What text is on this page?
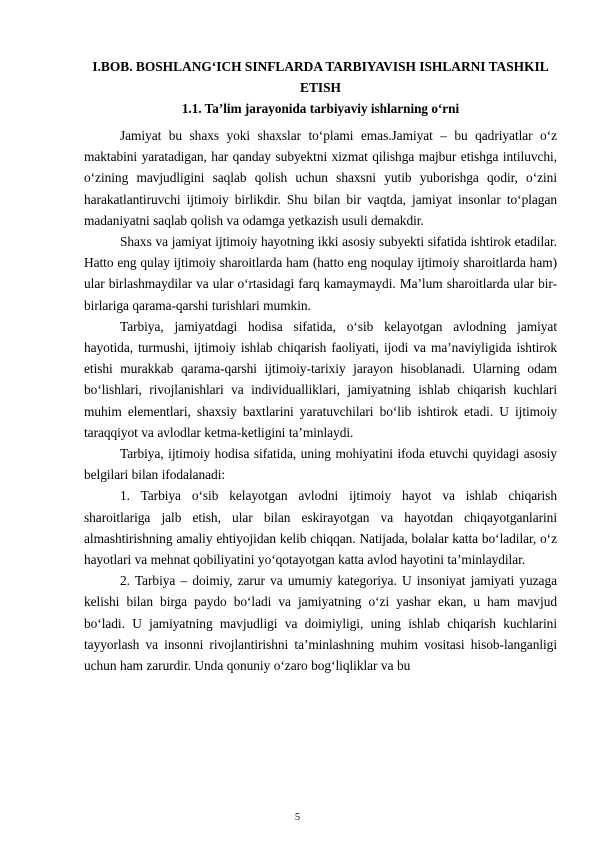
I.BOB. BOSHLANG‘ICH SINFLARDA TARBIYAVISH ISHLARNI TASHKIL ETISH
1.1. Ta’lim jarayonida tarbiyaviy ishlarning o‘rni

Jamiyat bu shaxs yoki shaxslar to‘plami emas.Jamiyat – bu qadriyatlar o‘z maktabini yaratadigan, har qanday subyektni xizmat qilishga majbur etishga intiluvchi, o‘zining mavjudligini saqlab qolish uchun shaxsni yutib yuborishga qodir, o‘zini harakatlantiruvchi ijtimoiy birlikdir. Shu bilan bir vaqtda, jamiyat insonlar to‘plagan madaniyatni saqlab qolish va odamga yetkazish usuli demakdir.

Shaxs va jamiyat ijtimoiy hayotning ikki asosiy subyekti sifatida ishtirok etadilar. Hatto eng qulay ijtimoiy sharoitlarda ham (hatto eng noqulay ijtimoiy sharoitlarda ham) ular birlashmaydilar va ular o‘rtasidagi farq kamaymaydi. Ma’lum sharoitlarda ular bir-birlariga qarama-qarshi turishlari mumkin.

Tarbiya, jamiyatdagi hodisa sifatida, o‘sib kelayotgan avlodning jamiyat hayotida, turmushi, ijtimoiy ishlab chiqarish faoliyati, ijodi va ma’naviyligida ishtirok etishi murakkab qarama-qarshi ijtimoiy-tarixiy jarayon hisoblanadi. Ularning odam bo‘lishlari, rivojlanishlari va individualliklari, jamiyatning ishlab chiqarish kuchlari muhim elementlari, shaxsiy baxtlarini yaratuvchilari bo‘lib ishtirok etadi. U ijtimoiy taraqqiyot va avlodlar ketma-ketligini ta’minlaydi.

Tarbiya, ijtimoiy hodisa sifatida, uning mohiyatini ifoda etuvchi quyidagi asosiy belgilari bilan ifodalanadi:

1. Tarbiya o‘sib kelayotgan avlodni ijtimoiy hayot va ishlab chiqarish sharoitlariga jalb etish, ular bilan eskirayotgan va hayotdan chiqayotganlarini almashtirishning amaliy ehtiyojidan kelib chiqqan. Natijada, bolalar katta bo‘ladilar, o‘z hayotlari va mehnat qobiliyatini yo‘qotayotgan katta avlod hayotini ta’minlaydilar.

2. Tarbiya – doimiy, zarur va umumiy kategoriya. U insoniyat jamiyati yuzaga kelishi bilan birga paydo bo‘ladi va jamiyatning o‘zi yashar ekan, u ham mavjud bo‘ladi. U jamiyatning mavjudligi va doimiyligi, uning ishlab chiqarish kuchlarini tayyorlash va insonni rivojlantirishni ta’minlashning muhim vositasi hisob-langanligi uchun ham zarurdir. Unda qonuniy o‘zaro bog‘liqliklar va bu

5
